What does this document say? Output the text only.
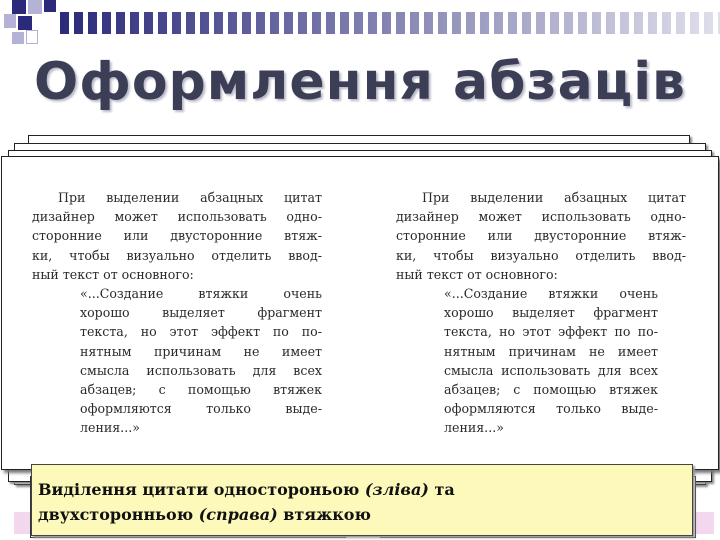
Оформлення абзаців
При выделении абзацных цитат
дизайнер может использовать одно-
сторонние или двусторонние втяж-
ки, чтобы визуально отделить ввод-
ный текст от основного:
«...Создание втяжки очень
хорошо выделяет фрагмент
текста, но этот эффект по по-
нятным причинам не имеет
смысла использовать для всех
абзацев; с помощью втяжек
оформляются только выде-
ления...»
При выделении абзацных цитат
дизайнер может использовать одно-
сторонние или двусторонние втяж-
ки, чтобы визуально отделить ввод-
ный текст от основного:
«...Создание втяжки очень
хорошо выделяет фрагмент
текста, но этот эффект по по-
нятным причинам не имеет
смысла использовать для всех
абзацев; с помощью втяжек
оформляются только выде-
ления...»
Виділення цитати одностороньою (зліва) та
двухсторонньою (справа) втяжкою
